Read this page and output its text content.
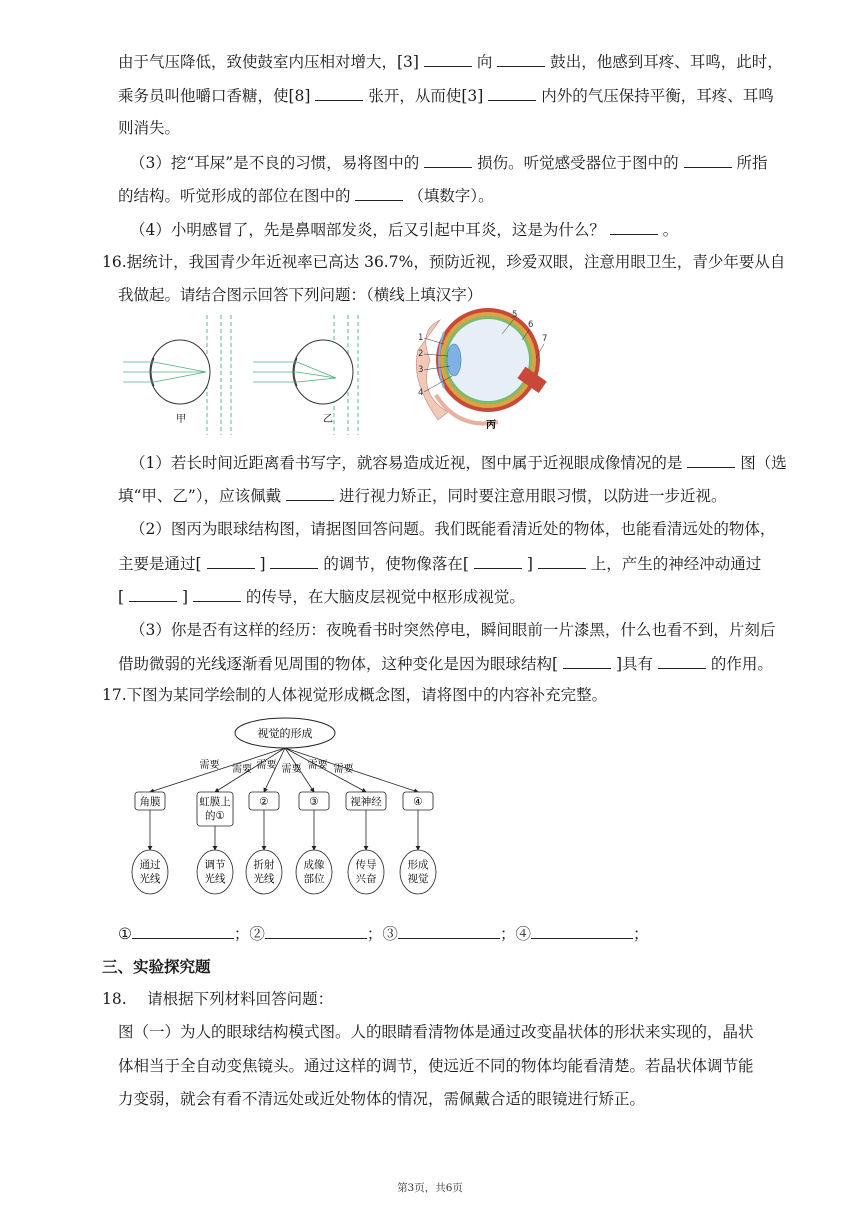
由于气压降低，致使鼓室内压相对增大，[3]	向	鼓出，他感到耳疼、耳鸣，此时，
乘务员叫他嚼口香糖，使[8]	张开，从而使[3]	内外的气压保持平衡，耳疼、耳鸣
则消失。
（3）挖“耳屎”是不良的习惯，易将图中的	损伤。听觉感受器位于图中的	所指
的结构。听觉形成的部位在图中的	（填数字）。
（4）小明感冒了，先是鼻咽部发炎，后又引起中耳炎，这是为什么？	。
16.据统计，我国青少年近视率已高达 36.7%，预防近视，珍爱双眼，注意用眼卫生，青少年要从自
我做起。请结合图示回答下列问题：（横线上填汉字）
甲	乙
1
2
3
4
5
6
7
丙
（1）若长时间近距离看书写字，就容易造成近视，图中属于近视眼成像情况的是	图（选
填“甲、乙”），应该佩戴	进行视力矫正，同时要注意用眼习惯，以防进一步近视。
（2）图丙为眼球结构图，请据图回答问题。我们既能看清近处的物体，也能看清远处的物体，
主要是通过[	]	的调节，使物像落在[	]	上，产生的神经冲动通过
[	]	的传导，在大脑皮层视觉中枢形成视觉。
（3）你是否有这样的经历：夜晚看书时突然停电，瞬间眼前一片漆黑，什么也看不到，片刻后
借助微弱的光线逐渐看见周围的物体，这种变化是因为眼球结构[	]具有	的作用。
17.下图为某同学绘制的人体视觉形成概念图，请将图中的内容补充完整。
视觉的形成
需要
角膜
通过
光线
需要
虹膜上
的①
调节
光线
需要
②
折射
光线
需要
③
成像
部位
需要
视神经
传导
兴奋
需要
④
形成
视觉
①	；②	；③	；④	；
三、实验探究题
18.　 请根据下列材料回答问题：
图（一）为人的眼球结构模式图。人的眼睛看清物体是通过改变晶状体的形状来实现的，晶状
体相当于全自动变焦镜头。通过这样的调节，使远近不同的物体均能看清楚。若晶状体调节能
力变弱，就会有看不清远处或近处物体的情况，需佩戴合适的眼镜进行矫正。
第3页，共6页
